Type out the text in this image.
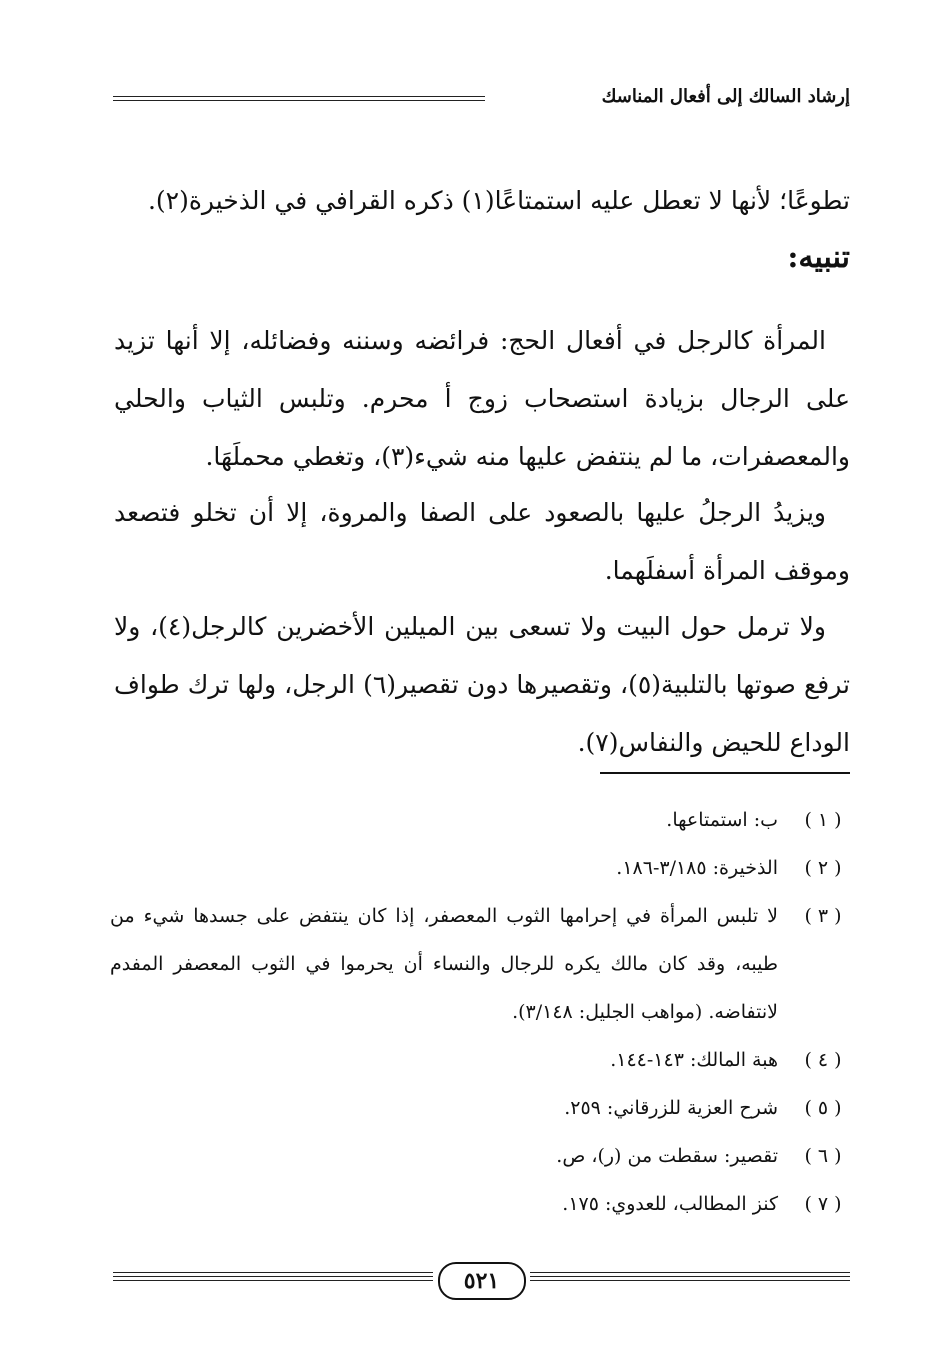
إرشاد السالك إلى أفعال المناسك

تطوعًا؛ لأنها لا تعطل عليه استمتاعًا(١) ذكره القرافي في الذخيرة(٢).

تنبيه:

المرأة كالرجل في أفعال الحج: فرائضه وسننه وفضائله، إلا أنها تزيد على الرجال بزيادة استصحاب زوج أ محرم. وتلبس الثياب والحلي والمعصفرات، ما لم ينتفض عليها منه شيء(٣)، وتغطي محملَهَا.

ويزيدُ الرجلُ عليها بالصعود على الصفا والمروة، إلا أن تخلو فتصعد وموقف المرأة أسفلَهما.

ولا ترمل حول البيت ولا تسعى بين الميلين الأخضرين كالرجل(٤)، ولا ترفع صوتها بالتلبية(٥)، وتقصيرها دون تقصير(٦) الرجل، ولها ترك طواف الوداع للحيض والنفاس(٧).

( ١ )
ب: استمتاعها.
( ٢ )
الذخيرة: ٣/١٨٥-١٨٦.
( ٣ )
لا تلبس المرأة في إحرامها الثوب المعصفر، إذا كان ينتفض على جسدها شيء من طيبه، وقد كان مالك يكره للرجال والنساء أن يحرموا في الثوب المعصفر المفدم لانتفاضه. (مواهب الجليل: ٣/١٤٨).
( ٤ )
هبة المالك: ١٤٣-١٤٤.
( ٥ )
شرح العزية للزرقاني: ٢٥٩.
( ٦ )
تقصير: سقطت من (ر)، ص.
( ٧ )
كنز المطالب، للعدوي: ١٧٥.
٥٢١
